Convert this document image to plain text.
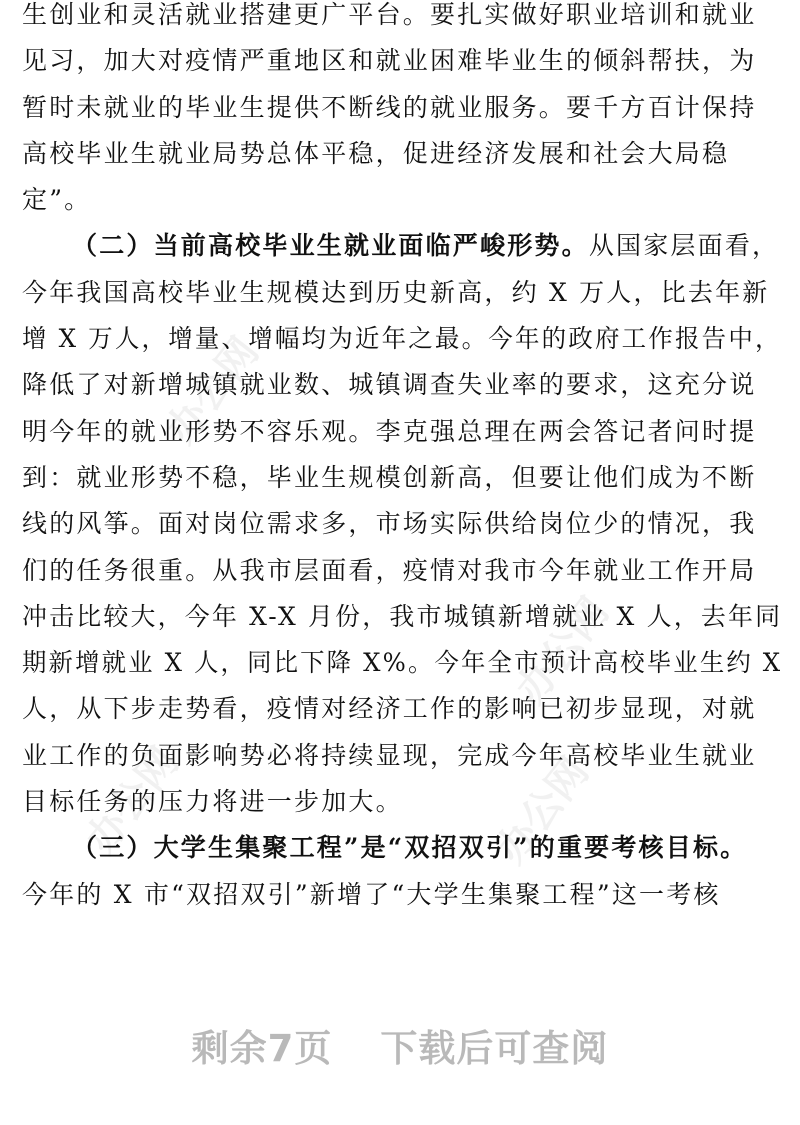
办公网
办公网
办公网	办公网
生创业和灵活就业搭建更广平台。要扎实做好职业培训和就业
见习，加大对疫情严重地区和就业困难毕业生的倾斜帮扶，为
暂时未就业的毕业生提供不断线的就业服务。要千方百计保持
高校毕业生就业局势总体平稳，促进经济发展和社会大局稳
定”。
（二）当前高校毕业生就业面临严峻形势。从国家层面看，
今年我国高校毕业生规模达到历史新高，约 X 万人，比去年新
增 X 万人，增量、增幅均为近年之最。今年的政府工作报告中，
降低了对新增城镇就业数、城镇调查失业率的要求，这充分说
明今年的就业形势不容乐观。李克强总理在两会答记者问时提
到：就业形势不稳，毕业生规模创新高，但要让他们成为不断
线的风筝。面对岗位需求多，市场实际供给岗位少的情况，我
们的任务很重。从我市层面看，疫情对我市今年就业工作开局
冲击比较大，今年 X-X 月份，我市城镇新增就业 X 人，去年同
期新增就业 X 人，同比下降 X%。今年全市预计高校毕业生约 X
人，从下步走势看，疫情对经济工作的影响已初步显现，对就
业工作的负面影响势必将持续显现，完成今年高校毕业生就业
目标任务的压力将进一步加大。
（三）大学生集聚工程”是“双招双引”的重要考核目标。
今年的 X 市“双招双引”新增了“大学生集聚工程”这一考核
剩余7页 下载后可查阅
